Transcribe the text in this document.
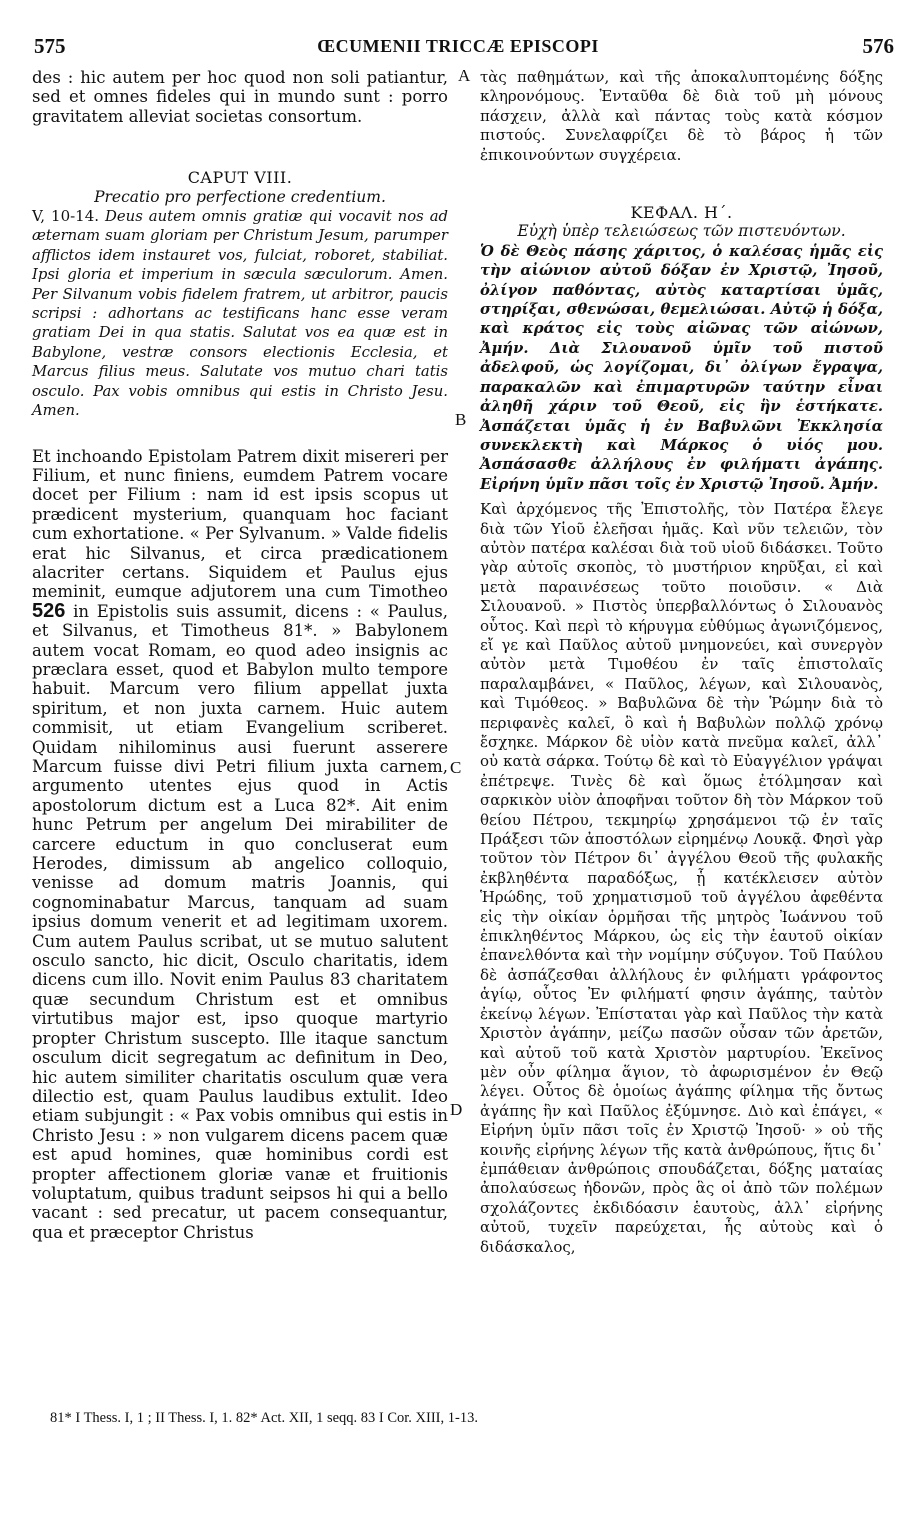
575	ŒCUMENII TRICCÆ EPISCOPI	576
A
B
C
D

des : hic autem per hoc quod non soli patiantur, sed et omnes fideles qui in mundo sunt : porro gravitatem alleviat societas consortum.

CAPUT VIII.

Precatio pro perfectione credentium.

V, 10-14. Deus autem omnis gratiæ qui vocavit nos ad æternam suam gloriam per Christum Jesum, parumper afflictos idem instauret vos, fulciat, roboret, stabiliat. Ipsi gloria et imperium in sæcula sæculorum. Amen. Per Silvanum vobis fidelem fratrem, ut arbitror, paucis scripsi : adhortans ac testificans hanc esse veram gratiam Dei in qua statis. Salutat vos ea quæ est in Babylone, vestræ consors electionis Ecclesia, et Marcus filius meus. Salutate vos mutuo chari tatis osculo. Pax vobis omnibus qui estis in Christo Jesu. Amen.

Et inchoando Epistolam Patrem dixit misereri per Filium, et nunc finiens, eumdem Patrem vocare docet per Filium : nam id est ipsis scopus ut prædicent mysterium, quanquam hoc faciant cum exhortatione. « Per Sylvanum. » Valde fidelis erat hic Silvanus, et circa prædicationem alacriter certans. Siquidem et Paulus ejus meminit, eumque adjutorem una cum Timotheo 526 in Epistolis suis assumit, dicens : « Paulus, et Silvanus, et Timotheus 81*. » Babylonem autem vocat Romam, eo quod adeo insignis ac præclara esset, quod et Babylon multo tempore habuit. Marcum vero filium appellat juxta spiritum, et non juxta carnem. Huic autem commisit, ut etiam Evangelium scriberet. Quidam nihilominus ausi fuerunt asserere Marcum fuisse divi Petri filium juxta carnem, argumento utentes ejus quod in Actis apostolorum dictum est a Luca 82*. Ait enim hunc Petrum per angelum Dei mirabiliter de carcere eductum in quo concluserat eum Herodes, dimissum ab angelico colloquio, venisse ad domum matris Joannis, qui cognominabatur Marcus, tanquam ad suam ipsius domum venerit et ad legitimam uxorem. Cum autem Paulus scribat, ut se mutuo salutent osculo sancto, hic dicit, Osculo charitatis, idem dicens cum illo. Novit enim Paulus 83 charitatem quæ secundum Christum est et omnibus virtutibus major est, ipso quoque martyrio propter Christum suscepto. Ille itaque sanctum osculum dicit segregatum ac definitum in Deo, hic autem similiter charitatis osculum quæ vera dilectio est, quam Paulus laudibus extulit. Ideo etiam subjungit : « Pax vobis omnibus qui estis in Christo Jesu : » non vulgarem dicens pacem quæ est apud homines, quæ hominibus cordi est propter affectionem gloriæ vanæ et fruitionis voluptatum, quibus tradunt seipsos hi qui a bello vacant : sed precatur, ut pacem consequantur, qua et præceptor Christus

τὰς παθημάτων, καὶ τῆς ἀποκαλυπτομένης δόξης κληρονόμους. Ἐνταῦθα δὲ διὰ τοῦ μὴ μόνους πάσχειν, ἀλλὰ καὶ πάντας τοὺς κατὰ κόσμον πιστούς. Συνελαφρίζει δὲ τὸ βάρος ἡ τῶν ἐπικοινούντων συγχέρεια.

ΚΕΦΑΛ. Η΄.

Εὐχὴ ὑπὲρ τελειώσεως τῶν πιστευόντων.

Ὁ δὲ Θεὸς πάσης χάριτος, ὁ καλέσας ἡμᾶς εἰς τὴν αἰώνιον αὐτοῦ δόξαν ἐν Χριστῷ, Ἰησοῦ, ὀλίγον παθόντας, αὐτὸς καταρτίσαι ὑμᾶς, στηρίξαι, σθενώσαι, θεμελιώσαι. Αὐτῷ ἡ δόξα, καὶ κράτος εἰς τοὺς αἰῶνας τῶν αἰώνων, Ἀμήν. Διὰ Σιλουανοῦ ὑμῖν τοῦ πιστοῦ ἀδελφοῦ, ὡς λογίζομαι, δι᾽ ὀλίγων ἔγραψα, παρακαλῶν καὶ ἐπιμαρτυρῶν ταύτην εἶναι ἀληθῆ χάριν τοῦ Θεοῦ, εἰς ἣν ἑστήκατε. Ἀσπάζεται ὑμᾶς ἡ ἐν Βαβυλῶνι Ἐκκλησία συνεκλεκτὴ καὶ Μάρκος ὁ υἱός μου. Ἀσπάσασθε ἀλλήλους ἐν φιλήματι ἀγάπης. Εἰρήνη ὑμῖν πᾶσι τοῖς ἐν Χριστῷ Ἰησοῦ. Ἀμήν.

Καὶ ἀρχόμενος τῆς Ἐπιστολῆς, τὸν Πατέρα ἔλεγε διὰ τῶν Υἱοῦ ἐλεῆσαι ἡμᾶς. Καὶ νῦν τελειῶν, τὸν αὐτὸν πατέρα καλέσαι διὰ τοῦ υἱοῦ διδάσκει. Τοῦτο γὰρ αὐτοῖς σκοπὸς, τὸ μυστήριον κηρῦξαι, εἰ καὶ μετὰ παραινέσεως τοῦτο ποιοῦσιν. « Διὰ Σιλουανοῦ. » Πιστὸς ὑπερβαλλόντως ὁ Σιλουανὸς οὗτος. Καὶ περὶ τὸ κήρυγμα εὐθύμως ἀγωνιζόμενος, εἴ γε καὶ Παῦλος αὐτοῦ μνημονεύει, καὶ συνεργὸν αὐτὸν μετὰ Τιμοθέου ἐν ταῖς ἐπιστολαῖς παραλαμβάνει, « Παῦλος, λέγων, καὶ Σιλουανὸς, καὶ Τιμόθεος. » Βαβυλῶνα δὲ τὴν Ῥώμην διὰ τὸ περιφανὲς καλεῖ, ὃ καὶ ἡ Βαβυλὼν πολλῷ χρόνῳ ἔσχηκε. Μάρκον δὲ υἱὸν κατὰ πνεῦμα καλεῖ, ἀλλ᾽ οὐ κατὰ σάρκα. Τούτῳ δὲ καὶ τὸ Εὐαγγέλιον γράψαι ἐπέτρεψε. Τινὲς δὲ καὶ ὅμως ἐτόλμησαν καὶ σαρκικὸν υἱὸν ἀποφῆναι τοῦτον δὴ τὸν Μάρκον τοῦ θείου Πέτρου, τεκμηρίῳ χρησάμενοι τῷ ἐν ταῖς Πράξεσι τῶν ἀποστόλων εἰρημένῳ Λουκᾷ. Φησὶ γὰρ τοῦτον τὸν Πέτρον δι᾽ ἀγγέλου Θεοῦ τῆς φυλακῆς ἐκβληθέντα παραδόξως, ᾗ κατέκλεισεν αὐτὸν Ἡρώδης, τοῦ χρηματισμοῦ τοῦ ἀγγέλου ἀφεθέντα εἰς τὴν οἰκίαν ὁρμῆσαι τῆς μητρὸς Ἰωάννου τοῦ ἐπικληθέντος Μάρκου, ὡς εἰς τὴν ἑαυτοῦ οἰκίαν ἐπανελθόντα καὶ τὴν νομίμην σύζυγον. Τοῦ Παύλου δὲ ἀσπάζεσθαι ἀλλήλους ἐν φιλήματι γράφοντος ἁγίῳ, οὗτος Ἐν φιλήματί φησιν ἀγάπης, ταὐτὸν ἐκείνῳ λέγων. Ἐπίσταται γὰρ καὶ Παῦλος τὴν κατὰ Χριστὸν ἀγάπην, μείζω πασῶν οὖσαν τῶν ἀρετῶν, καὶ αὐτοῦ τοῦ κατὰ Χριστὸν μαρτυρίου. Ἐκεῖνος μὲν οὖν φίλημα ἅγιον, τὸ ἀφωρισμένον ἐν Θεῷ λέγει. Οὗτος δὲ ὁμοίως ἀγάπης φίλημα τῆς ὄντως ἀγάπης ἣν καὶ Παῦλος ἐξύμνησε. Διὸ καὶ ἐπάγει, « Εἰρήνη ὑμῖν πᾶσι τοῖς ἐν Χριστῷ Ἰησοῦ· » οὐ τῆς κοινῆς εἰρήνης λέγων τῆς κατὰ ἀνθρώπους, ἥτις δι᾽ ἐμπάθειαν ἀνθρώποις σπουδάζεται, δόξης ματαίας ἀπολαύσεως ἡδονῶν, πρὸς ἃς οἱ ἀπὸ τῶν πολέμων σχολάζοντες ἐκδιδόασιν ἑαυτοὺς, ἀλλ᾽ εἰρήνης αὐτοῦ, τυχεῖν παρεύχεται, ἧς αὐτοὺς καὶ ὁ διδάσκαλος,

81* I Thess. I, 1 ; II Thess. I, 1. 82* Act. XII, 1 seqq. 83 I Cor. XIII, 1-13.
